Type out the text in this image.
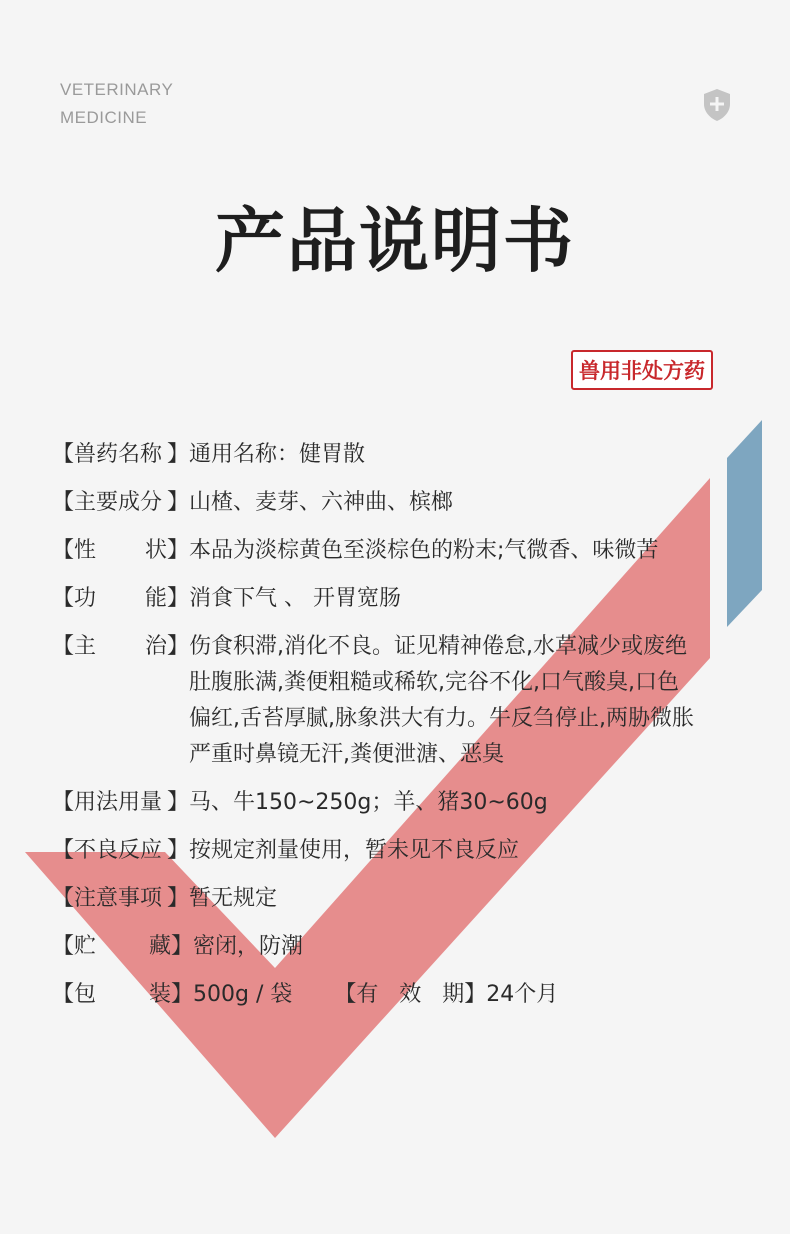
VETERINARY
MEDICINE
产品说明书
兽用非处方药
【兽药名称 】 通用名称：健胃散
【主要成分 】 山楂、麦芽、六神曲、槟榔
【性 状】 本品为淡棕黄色至淡棕色的粉末;气微香、味微苦
【功 能】 消食下气 、 开胃宽肠
【主 治】 伤食积滞,消化不良。证见精神倦怠,水草减少或废绝
肚腹胀满,粪便粗糙或稀软,完谷不化,口气酸臭,口色
偏红,舌苔厚腻,脉象洪大有力。牛反刍停止,两胁微胀
严重时鼻镜无汗,粪便泄溏、恶臭
【用法用量 】 马、牛150~250g；羊、猪30~60g
【不良反应 】 按规定剂量使用，暂未见不良反应
【注意事项 】 暂无规定
【贮 藏】 密闭，防潮
【包 装】 500g / 袋      【有   效   期】24个月
